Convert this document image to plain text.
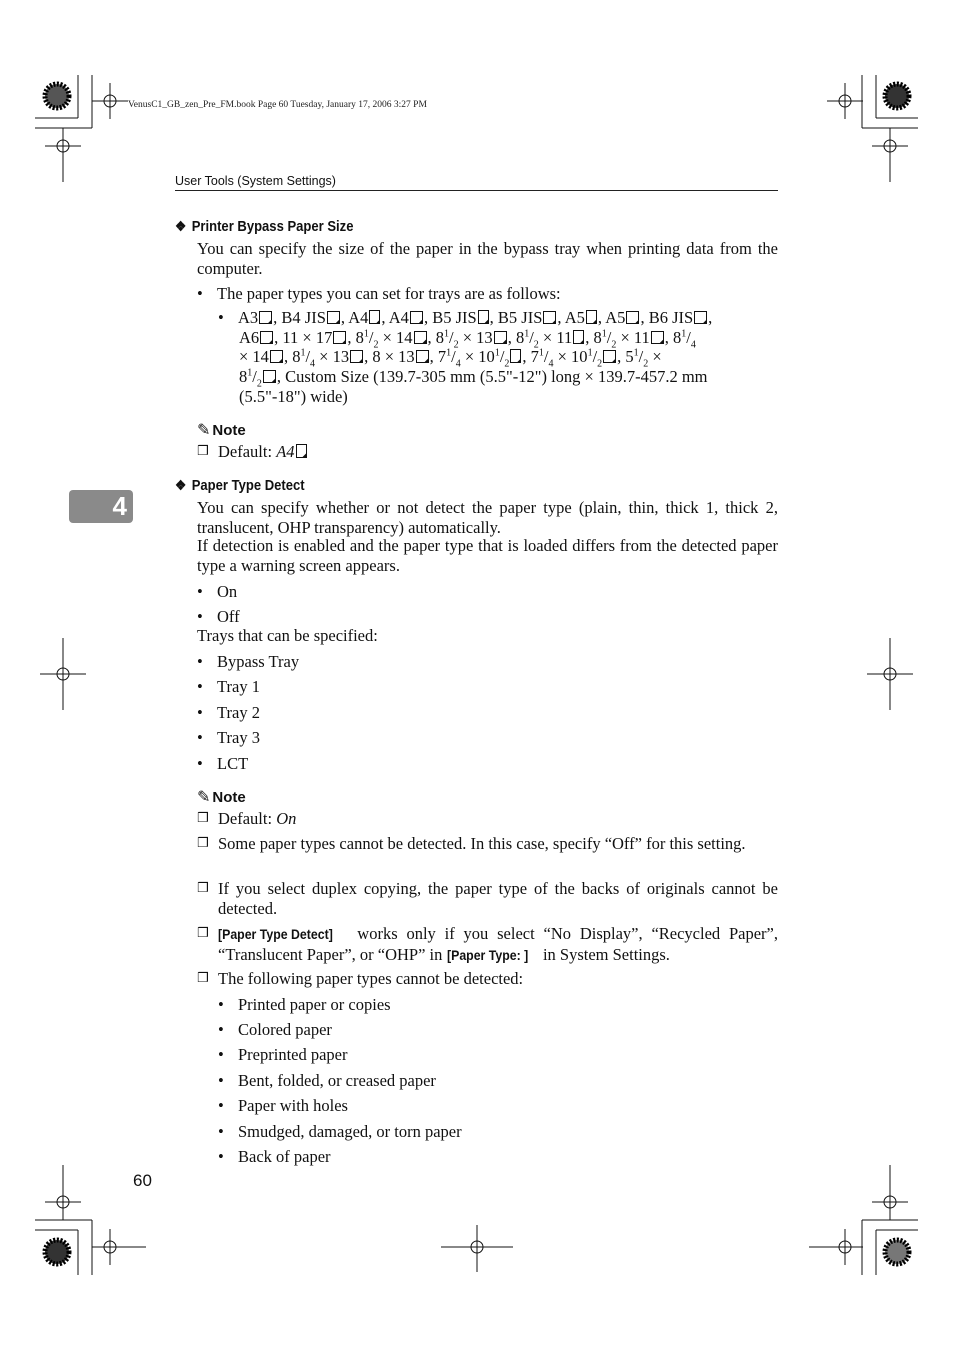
VenusC1_GB_zen_Pre_FM.book Page 60 Tuesday, January 17, 2006 3:27 PM
User Tools (System Settings)
❖ Printer Bypass Paper Size
You can specify the size of the paper in the bypass tray when printing data from the computer.
• The paper types you can set for trays are as follows:
• A3 , B4 JIS , A4 , A4 , B5 JIS , B5 JIS , A5 , A5 , B6 JIS ,
A6 , 11 × 17 , $8^1/_2 \times 14$ , $8^1/_2 \times 13$ , $8^1/_2 \times 11$ , $8^1/_2 \times 11$ , $8^1/_4$
× 14 , $8^1/_4 \times 13$ , 8 × 13 , $7^1/_4 \times 10^1/_2$ , $7^1/_4 \times 10^1/_2$ , $5^1/_2$ ×
$8^1/_2$ , Custom Size (139.7-305 mm (5.5"-12") long × 139.7-457.2 mm
(5.5"-18") wide)
✎ Note
❒ Default: A4
4
❖ Paper Type Detect
You can specify whether or not detect the paper type (plain, thin, thick 1, thick 2, translucent, OHP transparency) automatically.
If detection is enabled and the paper type that is loaded differs from the detected paper type a warning screen appears.
• On
• Off
Trays that can be specified:
• Bypass Tray
• Tray 1
• Tray 2
• Tray 3
• LCT
✎ Note
❒ Default: On
❒ Some paper types cannot be detected. In this case, specify “Off” for this setting.
❒ If you select duplex copying, the paper type of the backs of originals cannot be detected.
❒ [Paper Type Detect] works only if you select “No Display”, “Recycled Paper”, “Translucent Paper”, or “OHP” in [Paper Type: ] in System Settings.
❒ The following paper types cannot be detected:
• Printed paper or copies
• Colored paper
• Preprinted paper
• Bent, folded, or creased paper
• Paper with holes
• Smudged, damaged, or torn paper
• Back of paper
60
